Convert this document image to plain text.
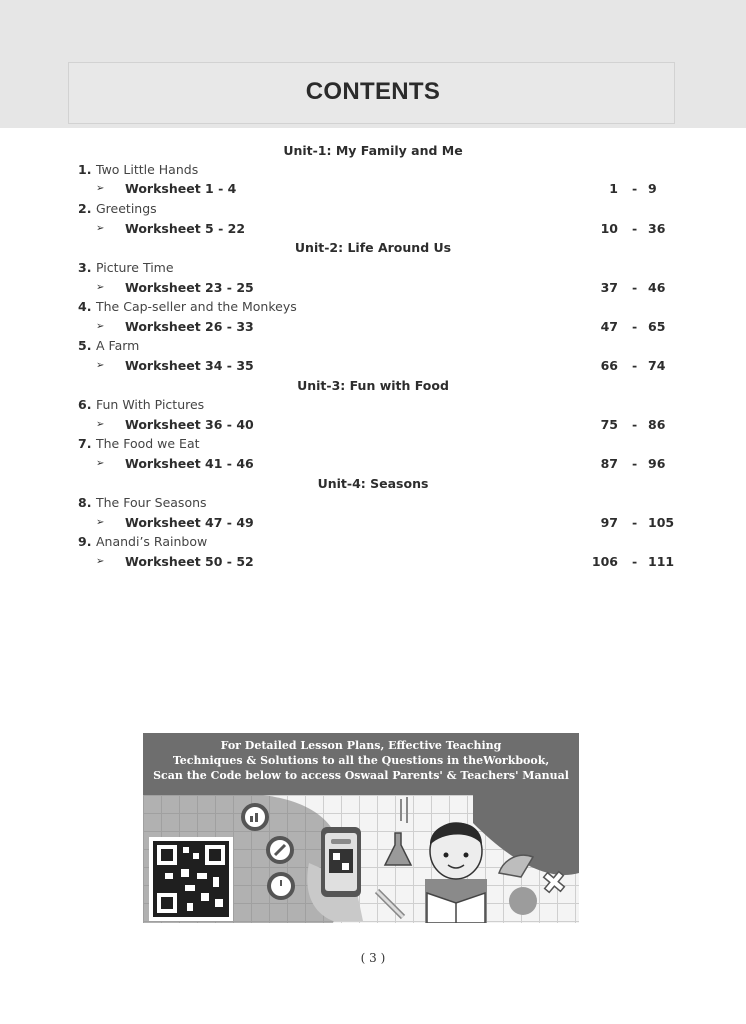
CONTENTS
Unit-1: My Family and Me
1. Two Little Hands
➢ Worksheet 1 - 4	1 - 9
2. Greetings
➢ Worksheet 5 - 22	10 - 36
Unit-2: Life Around Us
3. Picture Time
➢ Worksheet 23 - 25	37 - 46
4. The Cap-seller and the Monkeys
➢ Worksheet 26 - 33	47 - 65
5. A Farm
➢ Worksheet 34 - 35	66 - 74
Unit-3: Fun with Food
6. Fun With Pictures
➢ Worksheet 36 - 40	75 - 86
7. The Food we Eat
➢ Worksheet 41 - 46	87 - 96
Unit-4: Seasons
8. The Four Seasons
➢ Worksheet 47 - 49	97 - 105
9. Anandi’s Rainbow
➢ Worksheet 50 - 52	106 - 111
For Detailed Lesson Plans, Effective Teaching
Techniques & Solutions to all the Questions in theWorkbook,
Scan the Code below to access Oswaal Parents' & Teachers' Manual
( 3 )
